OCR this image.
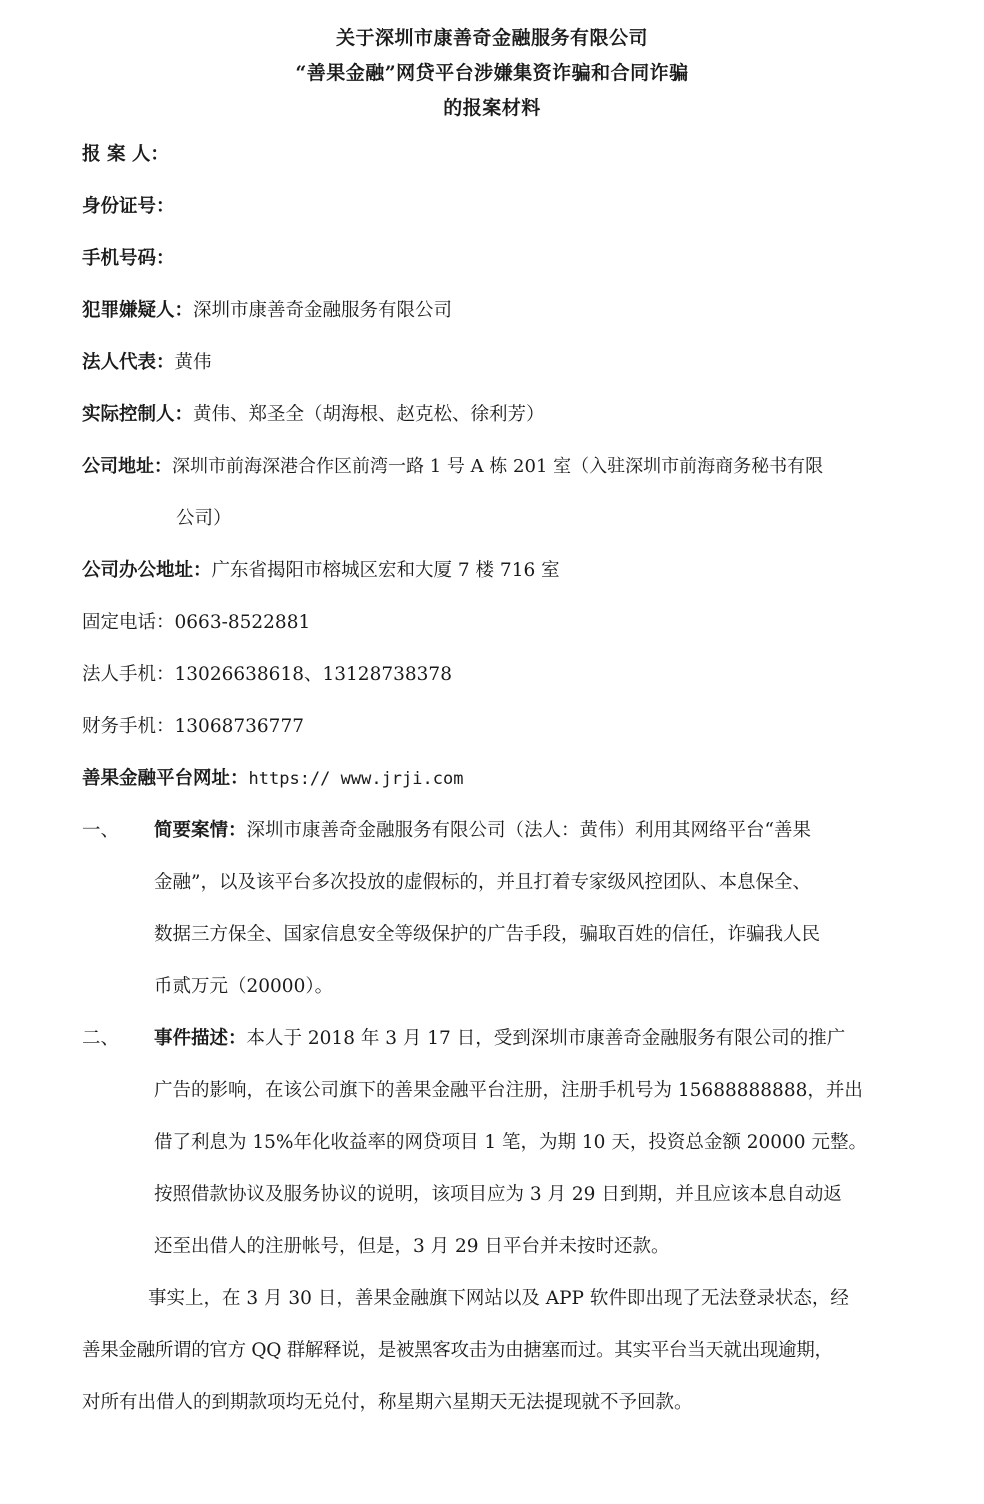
关于深圳市康善奇金融服务有限公司
“善果金融”网贷平台涉嫌集资诈骗和合同诈骗
的报案材料
报 案 人：
身份证号：
手机号码：
犯罪嫌疑人：深圳市康善奇金融服务有限公司
法人代表：黄伟
实际控制人：黄伟、郑圣全（胡海根、赵克松、徐利芳）
公司地址：深圳市前海深港合作区前湾一路 1 号 A 栋 201 室（入驻深圳市前海商务秘书有限
公司）
公司办公地址：广东省揭阳市榕城区宏和大厦 7 楼 716 室
固定电话：0663-8522881
法人手机：13026638618、13128738378
财务手机：13068736777
善果金融平台网址：https:// www.jrji.com
一、 简要案情：深圳市康善奇金融服务有限公司（法人：黄伟）利用其网络平台“善果
金融”，以及该平台多次投放的虚假标的，并且打着专家级风控团队、本息保全、
数据三方保全、国家信息安全等级保护的广告手段，骗取百姓的信任，诈骗我人民
币贰万元（20000）。
二、 事件描述：本人于 2018 年 3 月 17 日，受到深圳市康善奇金融服务有限公司的推广
广告的影响，在该公司旗下的善果金融平台注册，注册手机号为 15688888888，并出
借了利息为 15%年化收益率的网贷项目 1 笔，为期 10 天，投资总金额 20000 元整。
按照借款协议及服务协议的说明，该项目应为 3 月 29 日到期，并且应该本息自动返
还至出借人的注册帐号，但是，3 月 29 日平台并未按时还款。
事实上，在 3 月 30 日，善果金融旗下网站以及 APP 软件即出现了无法登录状态，经
善果金融所谓的官方 QQ 群解释说，是被黑客攻击为由搪塞而过。其实平台当天就出现逾期，
对所有出借人的到期款项均无兑付，称星期六星期天无法提现就不予回款。
